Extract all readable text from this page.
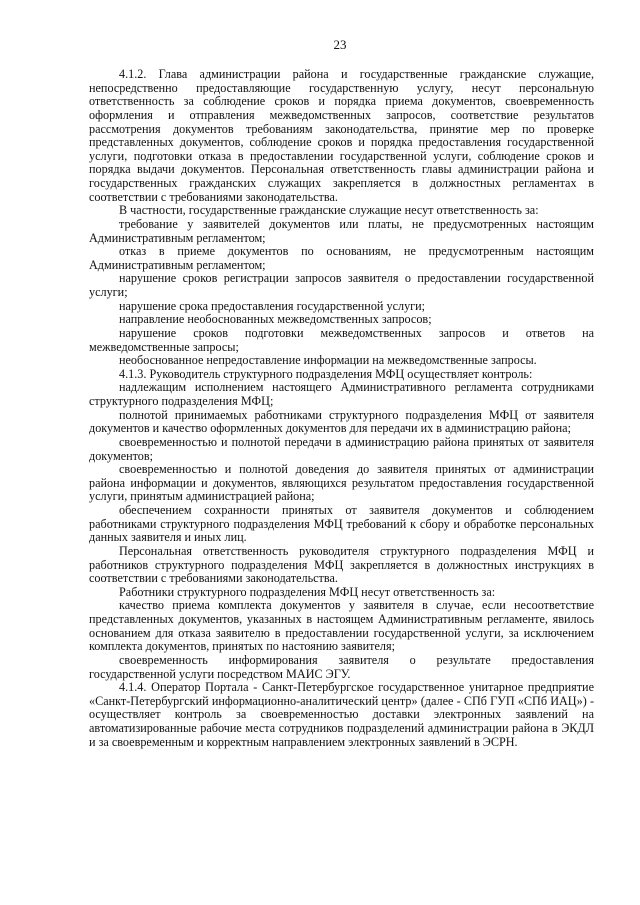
23

4.1.2. Глава администрации района и государственные гражданские служащие, непосредственно предоставляющие государственную услугу, несут персональную ответственность за соблюдение сроков и порядка приема документов, своевременность оформления и отправления межведомственных запросов, соответствие результатов рассмотрения документов требованиям законодательства, принятие мер по проверке представленных документов, соблюдение сроков и порядка предоставления государственной услуги, подготовки отказа в предоставлении государственной услуги, соблюдение сроков и порядка выдачи документов. Персональная ответственность главы администрации района и государственных гражданских служащих закрепляется в должностных регламентах в соответствии с требованиями законодательства.

В частности, государственные гражданские служащие несут ответственность за:

требование у заявителей документов или платы, не предусмотренных настоящим Административным регламентом;

отказ в приеме документов по основаниям, не предусмотренным настоящим Административным регламентом;

нарушение сроков регистрации запросов заявителя о предоставлении государственной услуги;

нарушение срока предоставления государственной услуги;

направление необоснованных межведомственных запросов;

нарушение сроков подготовки межведомственных запросов и ответов на межведомственные запросы;

необоснованное непредоставление информации на межведомственные запросы.

4.1.3. Руководитель структурного подразделения МФЦ осуществляет контроль:

надлежащим исполнением настоящего Административного регламента сотрудниками структурного подразделения МФЦ;

полнотой принимаемых работниками структурного подразделения МФЦ от заявителя документов и качество оформленных документов для передачи их в администрацию района;

своевременностью и полнотой передачи в администрацию района принятых от заявителя документов;

своевременностью и полнотой доведения до заявителя принятых от администрации района информации и документов, являющихся результатом предоставления государственной услуги, принятым администрацией района;

обеспечением сохранности принятых от заявителя документов и соблюдением работниками структурного подразделения МФЦ требований к сбору и обработке персональных данных заявителя и иных лиц.

Персональная ответственность руководителя структурного подразделения МФЦ и работников структурного подразделения МФЦ закрепляется в должностных инструкциях в соответствии с требованиями законодательства.

Работники структурного подразделения МФЦ несут ответственность за:

качество приема комплекта документов у заявителя в случае, если несоответствие представленных документов, указанных в настоящем Административным регламенте, явилось основанием для отказа заявителю в предоставлении государственной услуги, за исключением комплекта документов, принятых по настоянию заявителя;

своевременность информирования заявителя о результате предоставления государственной услуги посредством МАИС ЭГУ.

4.1.4. Оператор Портала - Санкт-Петербургское государственное унитарное предприятие «Санкт-Петербургский информационно-аналитический центр» (далее - СПб ГУП «СПб ИАЦ») - осуществляет контроль за своевременностью доставки электронных заявлений на автоматизированные рабочие места сотрудников подразделений администрации района в ЭКДЛ и за своевременным и корректным направлением электронных заявлений в ЭСРН.
